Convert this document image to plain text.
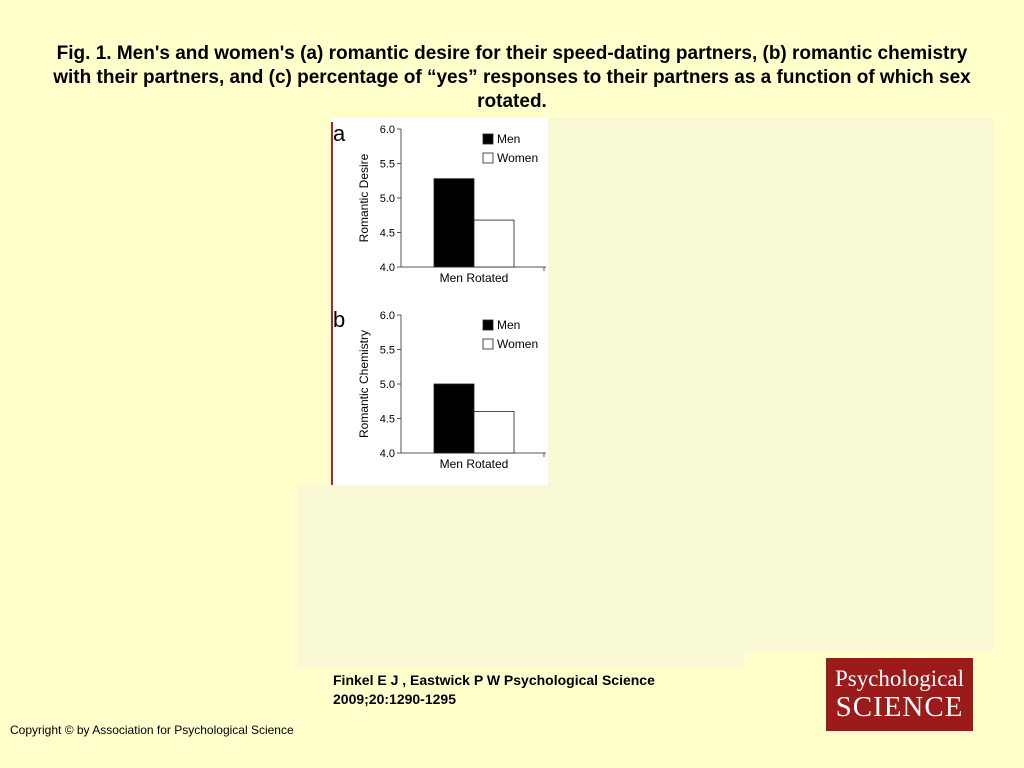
Fig. 1. Men's and women's (a) romantic desire for their speed-dating partners, (b) romantic chemistry with their partners, and (c) percentage of “yes” responses to their partners as a function of which sex rotated.
a	6.0
5.5
5.0
4.5
4.0
Romantic Desire
Men Rotated
Men
Women
b	6.0
5.5
5.0
4.5
4.0
Romantic Chemistry
Men Rotated
Men
Women
Finkel E J , Eastwick P W Psychological Science
2009;20:1290-1295
Psychological
SCIENCE
Copyright © by Association for Psychological Science
